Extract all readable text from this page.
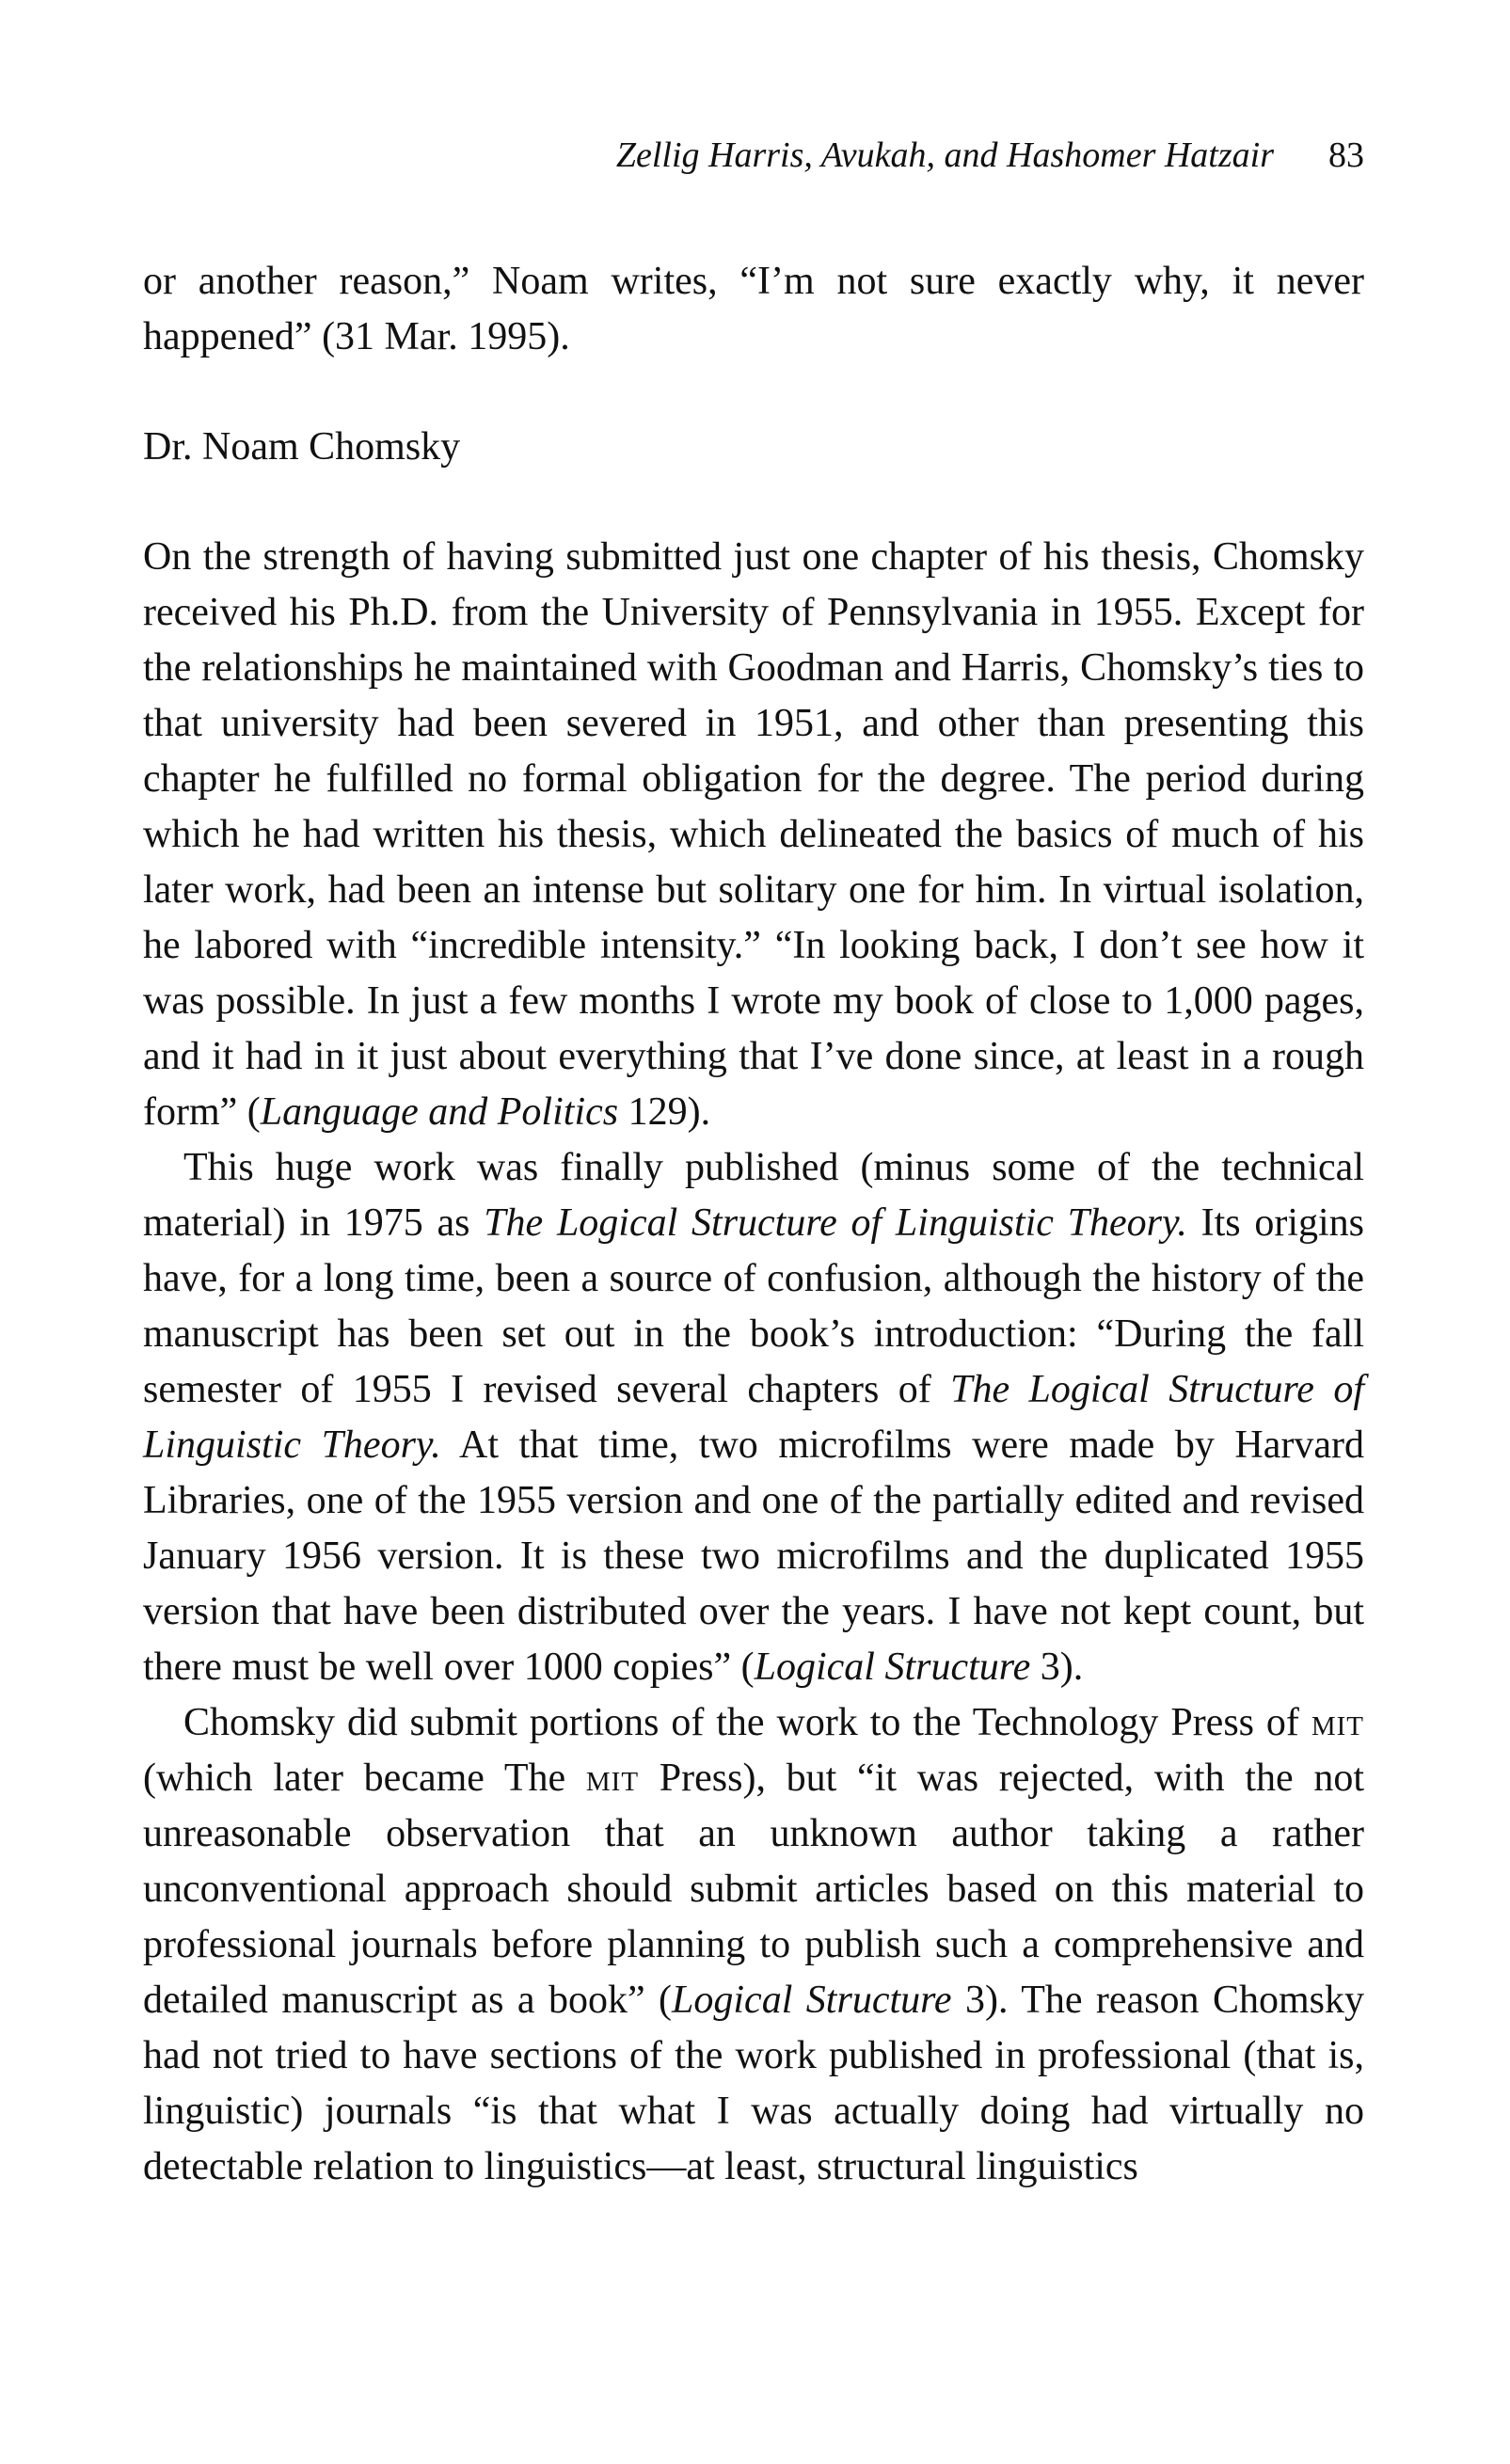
Zellig Harris, Avukah, and Hashomer Hatzair 83

or another reason,” Noam writes, “I’m not sure exactly why, it never happened” (31 Mar. 1995).

Dr. Noam Chomsky

On the strength of having submitted just one chapter of his thesis, Chomsky received his Ph.D. from the University of Pennsylvania in 1955. Except for the relationships he maintained with Goodman and Harris, Chomsky’s ties to that university had been severed in 1951, and other than presenting this chapter he fulfilled no formal obligation for the degree. The period during which he had written his thesis, which delineated the basics of much of his later work, had been an intense but solitary one for him. In virtual isolation, he labored with “incredible intensity.” “In looking back, I don’t see how it was possible. In just a few months I wrote my book of close to 1,000 pages, and it had in it just about everything that I’ve done since, at least in a rough form” (Language and Politics 129).

This huge work was finally published (minus some of the technical material) in 1975 as The Logical Structure of Linguistic Theory. Its origins have, for a long time, been a source of confusion, although the history of the manuscript has been set out in the book’s introduction: “During the fall semester of 1955 I revised several chapters of The Logical Structure of Linguistic Theory. At that time, two microfilms were made by Harvard Libraries, one of the 1955 version and one of the partially edited and revised January 1956 version. It is these two microfilms and the duplicated 1955 version that have been distributed over the years. I have not kept count, but there must be well over 1000 copies” (Logical Structure 3).

Chomsky did submit portions of the work to the Technology Press of mit (which later became The mit Press), but “it was rejected, with the not unreasonable observation that an unknown author taking a rather unconventional approach should submit articles based on this material to professional journals before planning to publish such a comprehensive and detailed manuscript as a book” (Logical Structure 3). The reason Chomsky had not tried to have sections of the work published in professional (that is, linguistic) journals “is that what I was actually doing had virtually no detectable relation to linguistics—at least, structural linguistics
